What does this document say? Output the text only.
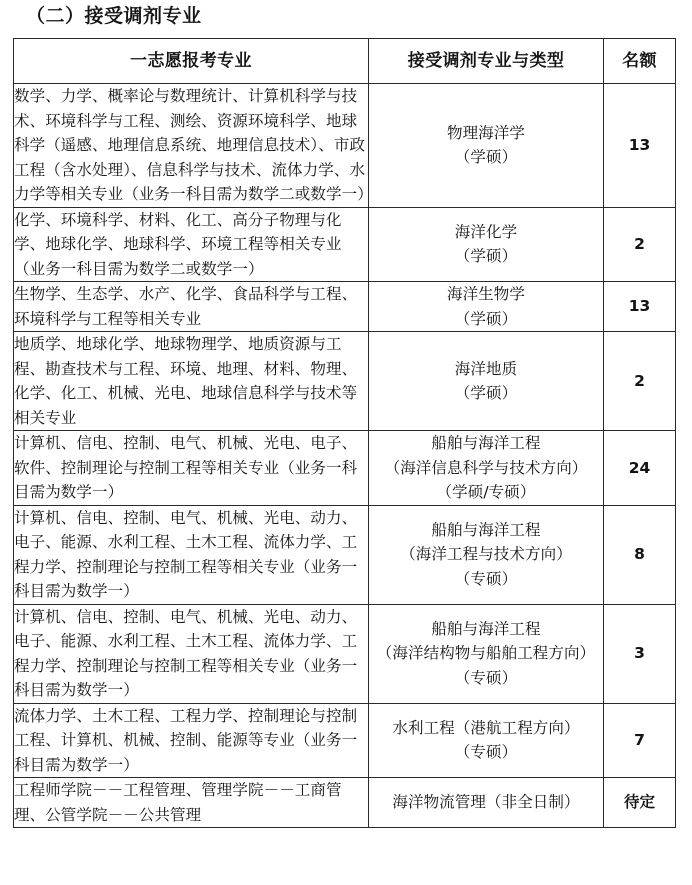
（二）接受调剂专业
一志愿报考专业	接受调剂专业与类型	名额
数学、力学、概率论与数理统计、计算机科学与技术、环境科学与工程、测绘、资源环境科学、地球科学（遥感、地理信息系统、地理信息技术）、市政工程（含水处理）、信息科学与技术、流体力学、水力学等相关专业（业务一科目需为数学二或数学一）	物理海洋学
（学硕）	13
化学、环境科学、材料、化工、高分子物理与化学、地球化学、地球科学、环境工程等相关专业（业务一科目需为数学二或数学一）	海洋化学
（学硕）	2
生物学、生态学、水产、化学、食品科学与工程、环境科学与工程等相关专业	海洋生物学
（学硕）	13
地质学、地球化学、地球物理学、地质资源与工程、勘查技术与工程、环境、地理、材料、物理、化学、化工、机械、光电、地球信息科学与技术等相关专业	海洋地质
（学硕）	2
计算机、信电、控制、电气、机械、光电、电子、软件、控制理论与控制工程等相关专业（业务一科目需为数学一）	船舶与海洋工程
（海洋信息科学与技术方向）
（学硕/专硕）	24
计算机、信电、控制、电气、机械、光电、动力、电子、能源、水利工程、土木工程、流体力学、工程力学、控制理论与控制工程等相关专业（业务一科目需为数学一）	船舶与海洋工程
（海洋工程与技术方向）
（专硕）	8
计算机、信电、控制、电气、机械、光电、动力、电子、能源、水利工程、土木工程、流体力学、工程力学、控制理论与控制工程等相关专业（业务一科目需为数学一）	船舶与海洋工程
（海洋结构物与船舶工程方向）
（专硕）	3
流体力学、土木工程、工程力学、控制理论与控制工程、计算机、机械、控制、能源等专业（业务一科目需为数学一）	水利工程（港航工程方向）
（专硕）	7
工程师学院－－工程管理、管理学院－－工商管理、公管学院－－公共管理	海洋物流管理（非全日制）	待定
